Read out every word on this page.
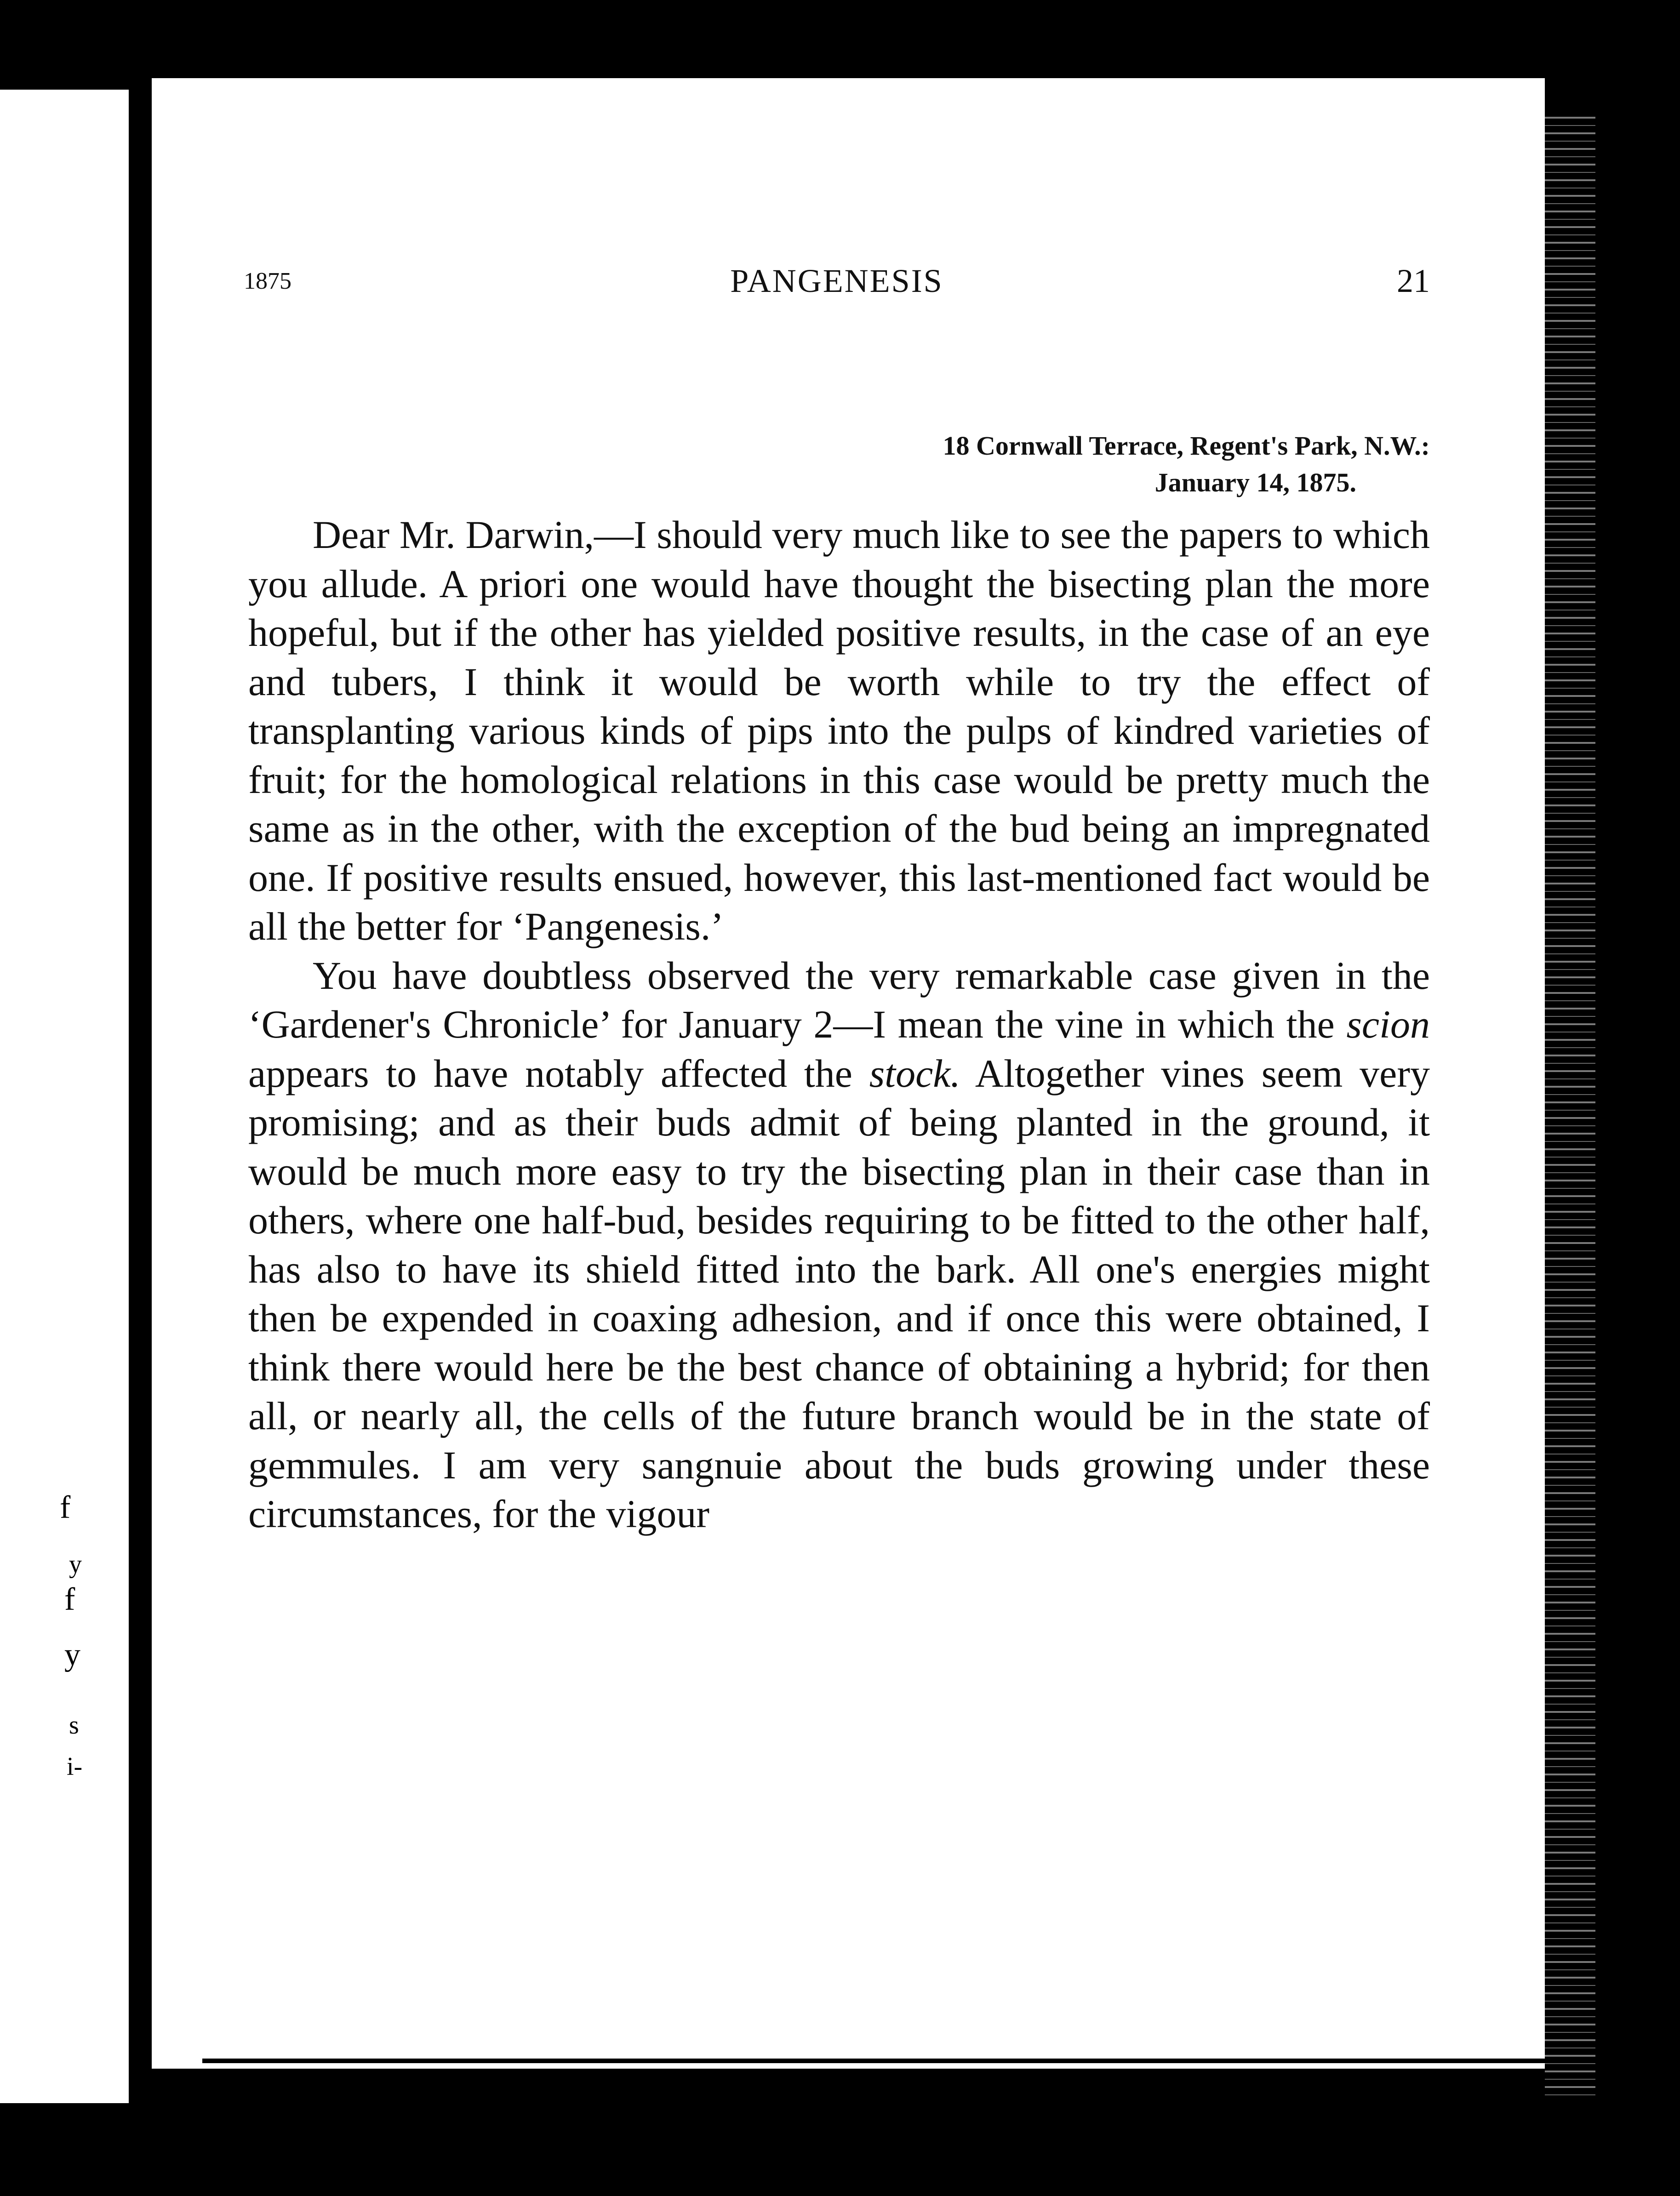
f
y
f
y
s
i-
1875	PANGENESIS	21
18 Cornwall Terrace, Regent's Park, N.W.:
January 14, 1875.

Dear Mr. Darwin,—I should very much like to see the papers to which you allude. A priori one would have thought the bisecting plan the more hopeful, but if the other has yielded positive results, in the case of an eye and tubers, I think it would be worth while to try the effect of transplanting various kinds of pips into the pulps of kindred varieties of fruit; for the homological relations in this case would be pretty much the same as in the other, with the exception of the bud being an impregnated one. If positive results ensued, however, this last-mentioned fact would be all the better for ‘Pangenesis.’

You have doubtless observed the very remarkable case given in the ‘Gardener's Chronicle’ for January 2—I mean the vine in which the scion appears to have notably affected the stock. Altogether vines seem very promising; and as their buds admit of being planted in the ground, it would be much more easy to try the bisecting plan in their case than in others, where one half-bud, besides requiring to be fitted to the other half, has also to have its shield fitted into the bark. All one's energies might then be expended in coaxing adhesion, and if once this were obtained, I think there would here be the best chance of obtaining a hybrid; for then all, or nearly all, the cells of the future branch would be in the state of gemmules. I am very sangnuie about the buds growing under these circumstances, for the vigour
